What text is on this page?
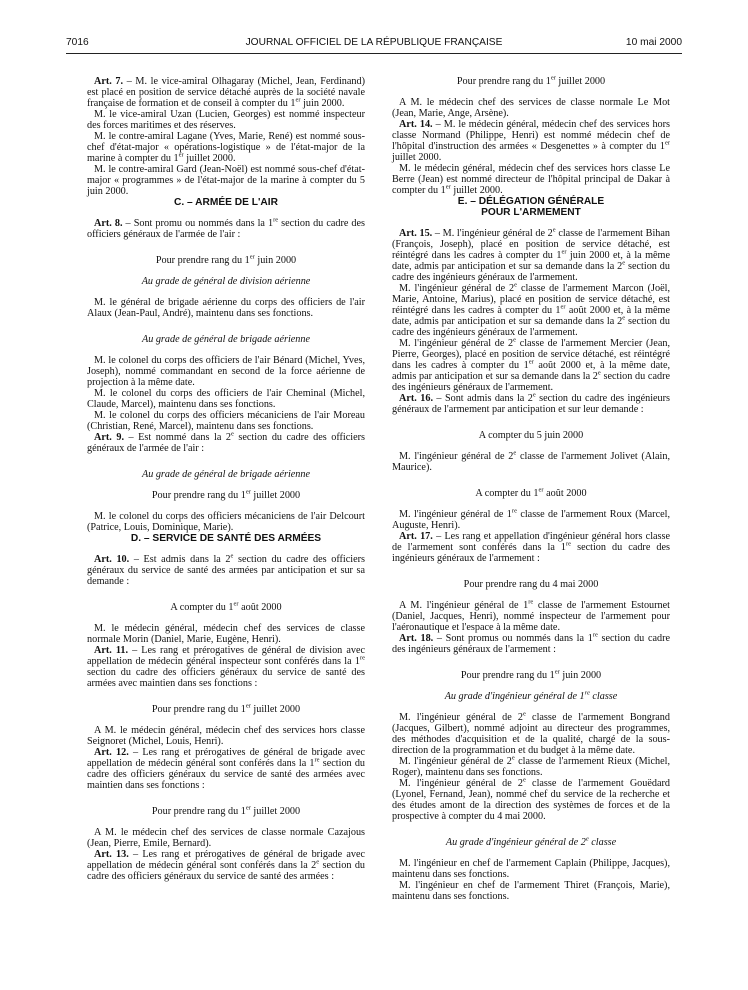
7016	JOURNAL OFFICIEL DE LA RÉPUBLIQUE FRANÇAISE	10 mai 2000

Art. 7. – M. le vice-amiral Olhagaray (Michel, Jean, Ferdinand) est placé en position de service détaché auprès de la société navale française de formation et de conseil à compter du 1er juin 2000.

M. le vice-amiral Uzan (Lucien, Georges) est nommé inspecteur des forces maritimes et des réserves.

M. le contre-amiral Lagane (Yves, Marie, René) est nommé sous-chef d'état-major « opérations-logistique » de l'état-major de la marine à compter du 1er juillet 2000.

M. le contre-amiral Gard (Jean-Noël) est nommé sous-chef d'état-major « programmes » de l'état-major de la marine à compter du 5 juin 2000.

C. – ARMÉE DE L'AIR

Art. 8. – Sont promu ou nommés dans la 1re section du cadre des officiers généraux de l'armée de l'air :

Pour prendre rang du 1er juin 2000

Au grade de général de division aérienne

M. le général de brigade aérienne du corps des officiers de l'air Alaux (Jean-Paul, André), maintenu dans ses fonctions.

Au grade de général de brigade aérienne

M. le colonel du corps des officiers de l'air Bénard (Michel, Yves, Joseph), nommé commandant en second de la force aérienne de projection à la même date.

M. le colonel du corps des officiers de l'air Cheminal (Michel, Claude, Marcel), maintenu dans ses fonctions.

M. le colonel du corps des officiers mécaniciens de l'air Moreau (Christian, René, Marcel), maintenu dans ses fonctions.

Art. 9. – Est nommé dans la 2e section du cadre des officiers généraux de l'armée de l'air :

Au grade de général de brigade aérienne

Pour prendre rang du 1er juillet 2000

M. le colonel du corps des officiers mécaniciens de l'air Delcourt (Patrice, Louis, Dominique, Marie).

D. – SERVICE DE SANTÉ DES ARMÉES

Art. 10. – Est admis dans la 2e section du cadre des officiers généraux du service de santé des armées par anticipation et sur sa demande :

A compter du 1er août 2000

M. le médecin général, médecin chef des services de classe normale Morin (Daniel, Marie, Eugène, Henri).

Art. 11. – Les rang et prérogatives de général de division avec appellation de médecin général inspecteur sont conférés dans la 1re section du cadre des officiers généraux du service de santé des armées avec maintien dans ses fonctions :

Pour prendre rang du 1er juillet 2000

A M. le médecin général, médecin chef des services hors classe Seignoret (Michel, Louis, Henri).

Art. 12. – Les rang et prérogatives de général de brigade avec appellation de médecin général sont conférés dans la 1re section du cadre des officiers généraux du service de santé des armées avec maintien dans ses fonctions :

Pour prendre rang du 1er juillet 2000

A M. le médecin chef des services de classe normale Cazajous (Jean, Pierre, Emile, Bernard).

Art. 13. – Les rang et prérogatives de général de brigade avec appellation de médecin général sont conférés dans la 2e section du cadre des officiers généraux du service de santé des armées :

Pour prendre rang du 1er juillet 2000

A M. le médecin chef des services de classe normale Le Mot (Jean, Marie, Ange, Arsène).

Art. 14. – M. le médecin général, médecin chef des services hors classe Normand (Philippe, Henri) est nommé médecin chef de l'hôpital d'instruction des armées « Desgenettes » à compter du 1er juillet 2000.

M. le médecin général, médecin chef des services hors classe Le Berre (Jean) est nommé directeur de l'hôpital principal de Dakar à compter du 1er juillet 2000.

E. – DÉLÉGATION GÉNÉRALE

POUR L'ARMEMENT

Art. 15. – M. l'ingénieur général de 2e classe de l'armement Bihan (François, Joseph), placé en position de service détaché, est réintégré dans les cadres à compter du 1er juin 2000 et, à la même date, admis par anticipation et sur sa demande dans la 2e section du cadre des ingénieurs généraux de l'armement.

M. l'ingénieur général de 2e classe de l'armement Marcon (Joël, Marie, Antoine, Marius), placé en position de service détaché, est réintégré dans les cadres à compter du 1er août 2000 et, à la même date, admis par anticipation et sur sa demande dans la 2e section du cadre des ingénieurs généraux de l'armement.

M. l'ingénieur général de 2e classe de l'armement Mercier (Jean, Pierre, Georges), placé en position de service détaché, est réintégré dans les cadres à compter du 1er août 2000 et, à la même date, admis par anticipation et sur sa demande dans la 2e section du cadre des ingénieurs généraux de l'armement.

Art. 16. – Sont admis dans la 2e section du cadre des ingénieurs généraux de l'armement par anticipation et sur leur demande :

A compter du 5 juin 2000

M. l'ingénieur général de 2e classe de l'armement Jolivet (Alain, Maurice).

A compter du 1er août 2000

M. l'ingénieur général de 1re classe de l'armement Roux (Marcel, Auguste, Henri).

Art. 17. – Les rang et appellation d'ingénieur général hors classe de l'armement sont conférés dans la 1re section du cadre des ingénieurs généraux de l'armement :

Pour prendre rang du 4 mai 2000

A M. l'ingénieur général de 1re classe de l'armement Estournet (Daniel, Jacques, Henri), nommé inspecteur de l'armement pour l'aéronautique et l'espace à la même date.

Art. 18. – Sont promus ou nommés dans la 1re section du cadre des ingénieurs généraux de l'armement :

Pour prendre rang du 1er juin 2000

Au grade d'ingénieur général de 1re classe

M. l'ingénieur général de 2e classe de l'armement Bongrand (Jacques, Gilbert), nommé adjoint au directeur des programmes, des méthodes d'acquisition et de la qualité, chargé de la sous-direction de la programmation et du budget à la même date.

M. l'ingénieur général de 2e classe de l'armement Rieux (Michel, Roger), maintenu dans ses fonctions.

M. l'ingénieur général de 2e classe de l'armement Gouëdard (Lyonel, Fernand, Jean), nommé chef du service de la recherche et des études amont de la direction des systèmes de forces et de la prospective à compter du 4 mai 2000.

Au grade d'ingénieur général de 2e classe

M. l'ingénieur en chef de l'armement Caplain (Philippe, Jacques), maintenu dans ses fonctions.

M. l'ingénieur en chef de l'armement Thiret (François, Marie), maintenu dans ses fonctions.
